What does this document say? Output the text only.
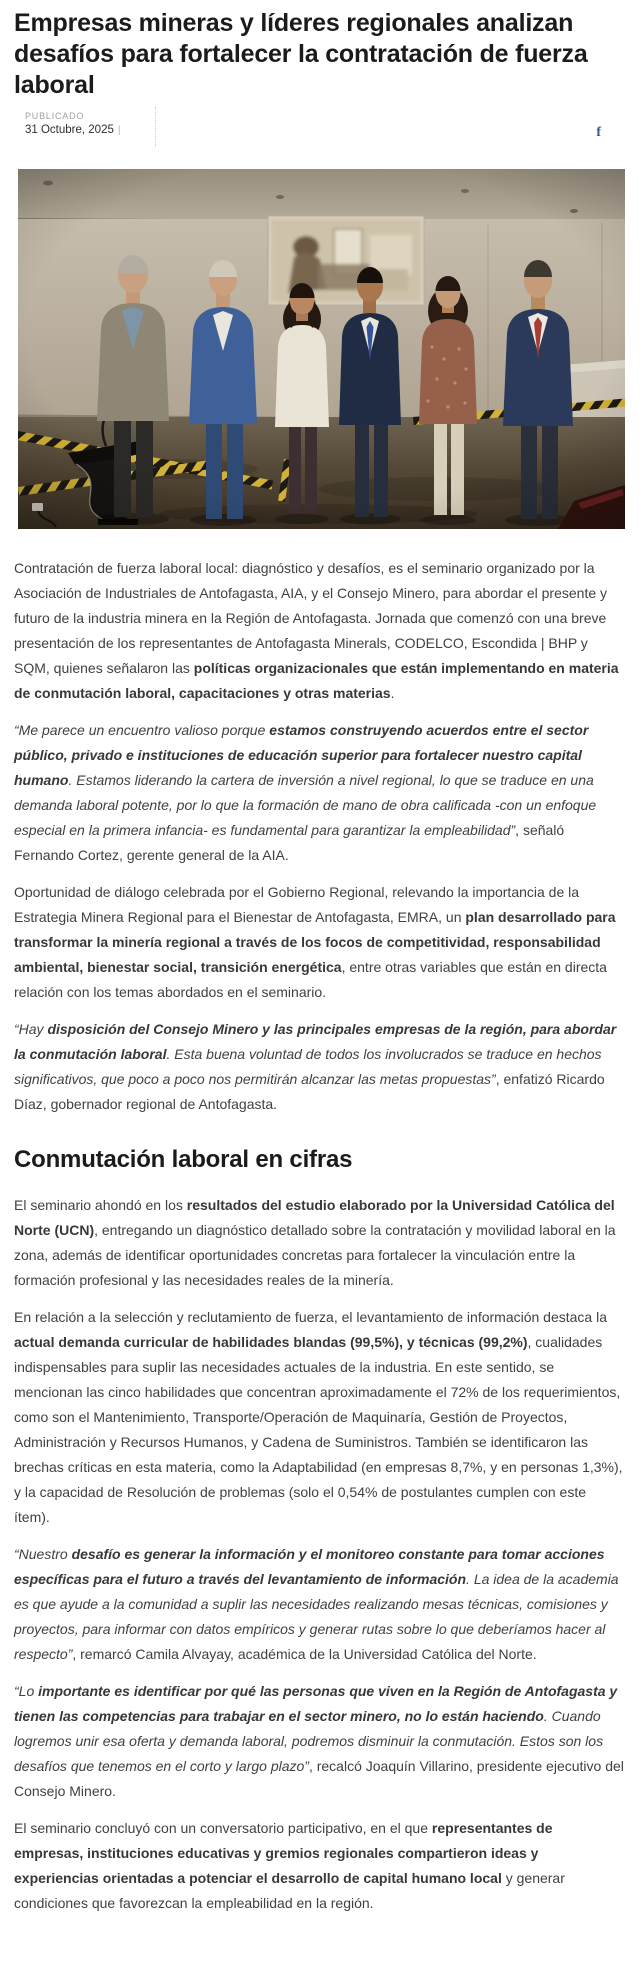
Empresas mineras y líderes regionales analizan desafíos para fortalecer la contratación de fuerza laboral
PUBLICADO
31 Octubre, 2025 |	f

Contratación de fuerza laboral local: diagnóstico y desafíos, es el seminario organizado por la Asociación de Industriales de Antofagasta, AIA, y el Consejo Minero, para abordar el presente y futuro de la industria minera en la Región de Antofagasta. Jornada que comenzó con una breve presentación de los representantes de Antofagasta Minerals, CODELCO, Escondida | BHP y SQM, quienes señalaron las políticas organizacionales que están implementando en materia de conmutación laboral, capacitaciones y otras materias.

“Me parece un encuentro valioso porque estamos construyendo acuerdos entre el sector público, privado e instituciones de educación superior para fortalecer nuestro capital humano. Estamos liderando la cartera de inversión a nivel regional, lo que se traduce en una demanda laboral potente, por lo que la formación de mano de obra calificada -con un enfoque especial en la primera infancia- es fundamental para garantizar la empleabilidad”, señaló Fernando Cortez, gerente general de la AIA.

Oportunidad de diálogo celebrada por el Gobierno Regional, relevando la importancia de la Estrategia Minera Regional para el Bienestar de Antofagasta, EMRA, un plan desarrollado para transformar la minería regional a través de los focos de competitividad, responsabilidad ambiental, bienestar social, transición energética, entre otras variables que están en directa relación con los temas abordados en el seminario.

“Hay disposición del Consejo Minero y las principales empresas de la región, para abordar la conmutación laboral. Esta buena voluntad de todos los involucrados se traduce en hechos significativos, que poco a poco nos permitirán alcanzar las metas propuestas”, enfatizó Ricardo Díaz, gobernador regional de Antofagasta.

Conmutación laboral en cifras

El seminario ahondó en los resultados del estudio elaborado por la Universidad Católica del Norte (UCN), entregando un diagnóstico detallado sobre la contratación y movilidad laboral en la zona, además de identificar oportunidades concretas para fortalecer la vinculación entre la formación profesional y las necesidades reales de la minería.

En relación a la selección y reclutamiento de fuerza, el levantamiento de información destaca la actual demanda curricular de habilidades blandas (99,5%), y técnicas (99,2%), cualidades indispensables para suplir las necesidades actuales de la industria. En este sentido, se mencionan las cinco habilidades que concentran aproximadamente el 72% de los requerimientos, como son el Mantenimiento, Transporte/Operación de Maquinaría, Gestión de Proyectos, Administración y Recursos Humanos, y Cadena de Suministros. También se identificaron las brechas críticas en esta materia, como la Adaptabilidad (en empresas 8,7%, y en personas 1,3%), y la capacidad de Resolución de problemas (solo el 0,54% de postulantes cumplen con este ítem).

“Nuestro desafío es generar la información y el monitoreo constante para tomar acciones específicas para el futuro a través del levantamiento de información. La idea de la academia es que ayude a la comunidad a suplir las necesidades realizando mesas técnicas, comisiones y proyectos, para informar con datos empíricos y generar rutas sobre lo que deberíamos hacer al respecto”, remarcó Camila Alvayay, académica de la Universidad Católica del Norte.

“Lo importante es identificar por qué las personas que viven en la Región de Antofagasta y tienen las competencias para trabajar en el sector minero, no lo están haciendo. Cuando logremos unir esa oferta y demanda laboral, podremos disminuir la conmutación. Estos son los desafíos que tenemos en el corto y largo plazo”, recalcó Joaquín Villarino, presidente ejecutivo del Consejo Minero.

El seminario concluyó con un conversatorio participativo, en el que representantes de empresas, instituciones educativas y gremios regionales compartieron ideas y experiencias orientadas a potenciar el desarrollo de capital humano local y generar condiciones que favorezcan la empleabilidad en la región.
